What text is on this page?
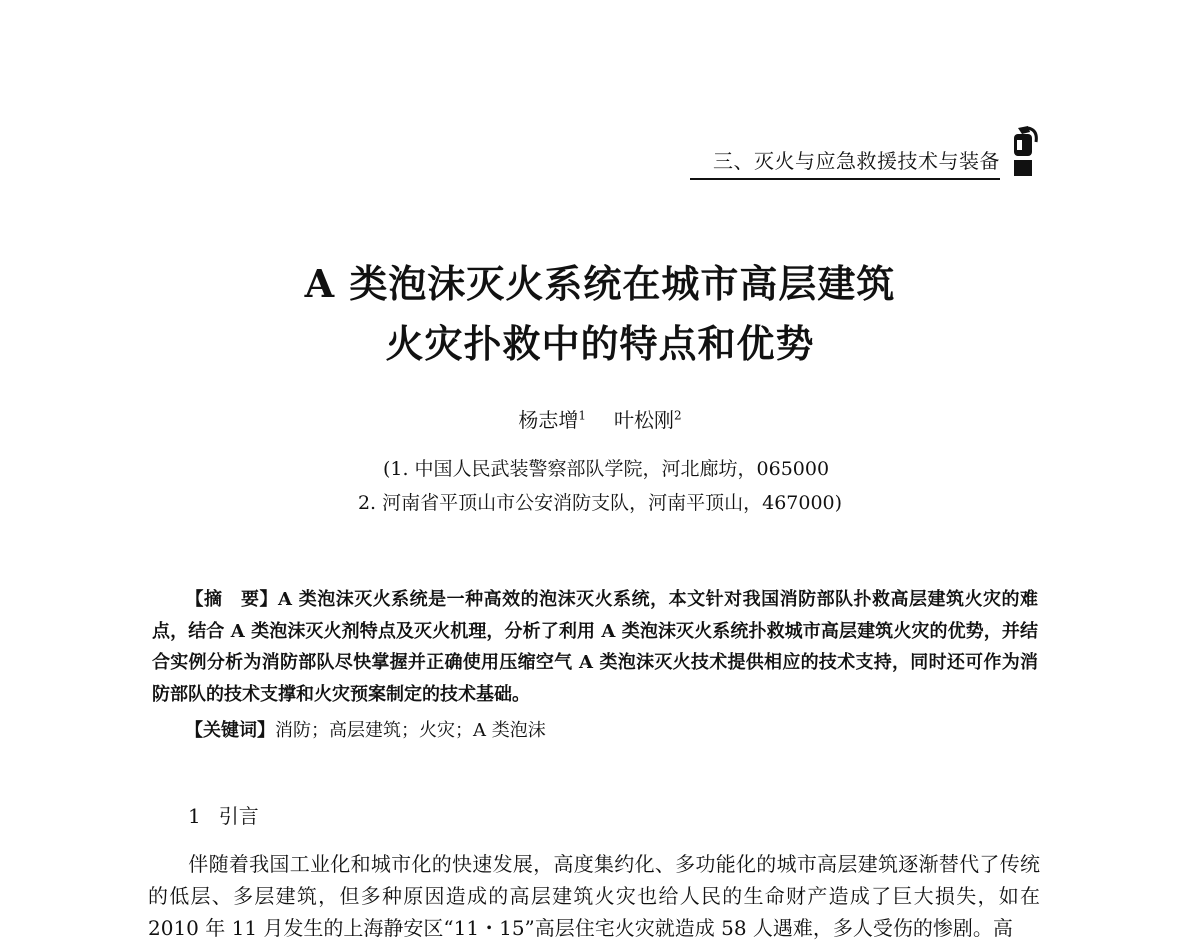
三、灭火与应急救援技术与装备
A 类泡沫灭火系统在城市高层建筑
火灾扑救中的特点和优势
杨志增$^1$ 叶松刚$^2$
(1. 中国人民武装警察部队学院，河北廊坊，065000
2. 河南省平顶山市公安消防支队，河南平顶山，467000)
【摘　要】A 类泡沫灭火系统是一种高效的泡沫灭火系统，本文针对我国消防部队扑救高层建筑火灾的难点，结合 A 类泡沫灭火剂特点及灭火机理，分析了利用 A 类泡沫灭火系统扑救城市高层建筑火灾的优势，并结合实例分析为消防部队尽快掌握并正确使用压缩空气 A 类泡沫灭火技术提供相应的技术支持，同时还可作为消防部队的技术支撑和火灾预案制定的技术基础。
【关键词】消防；高层建筑；火灾；A 类泡沫
1 引言
伴随着我国工业化和城市化的快速发展，高度集约化、多功能化的城市高层建筑逐渐替代了传统的低层、多层建筑，但多种原因造成的高层建筑火灾也给人民的生命财产造成了巨大损失，如在 2010 年 11 月发生的上海静安区“11・15”高层住宅火灾就造成 58 人遇难，多人受伤的惨剧。高
